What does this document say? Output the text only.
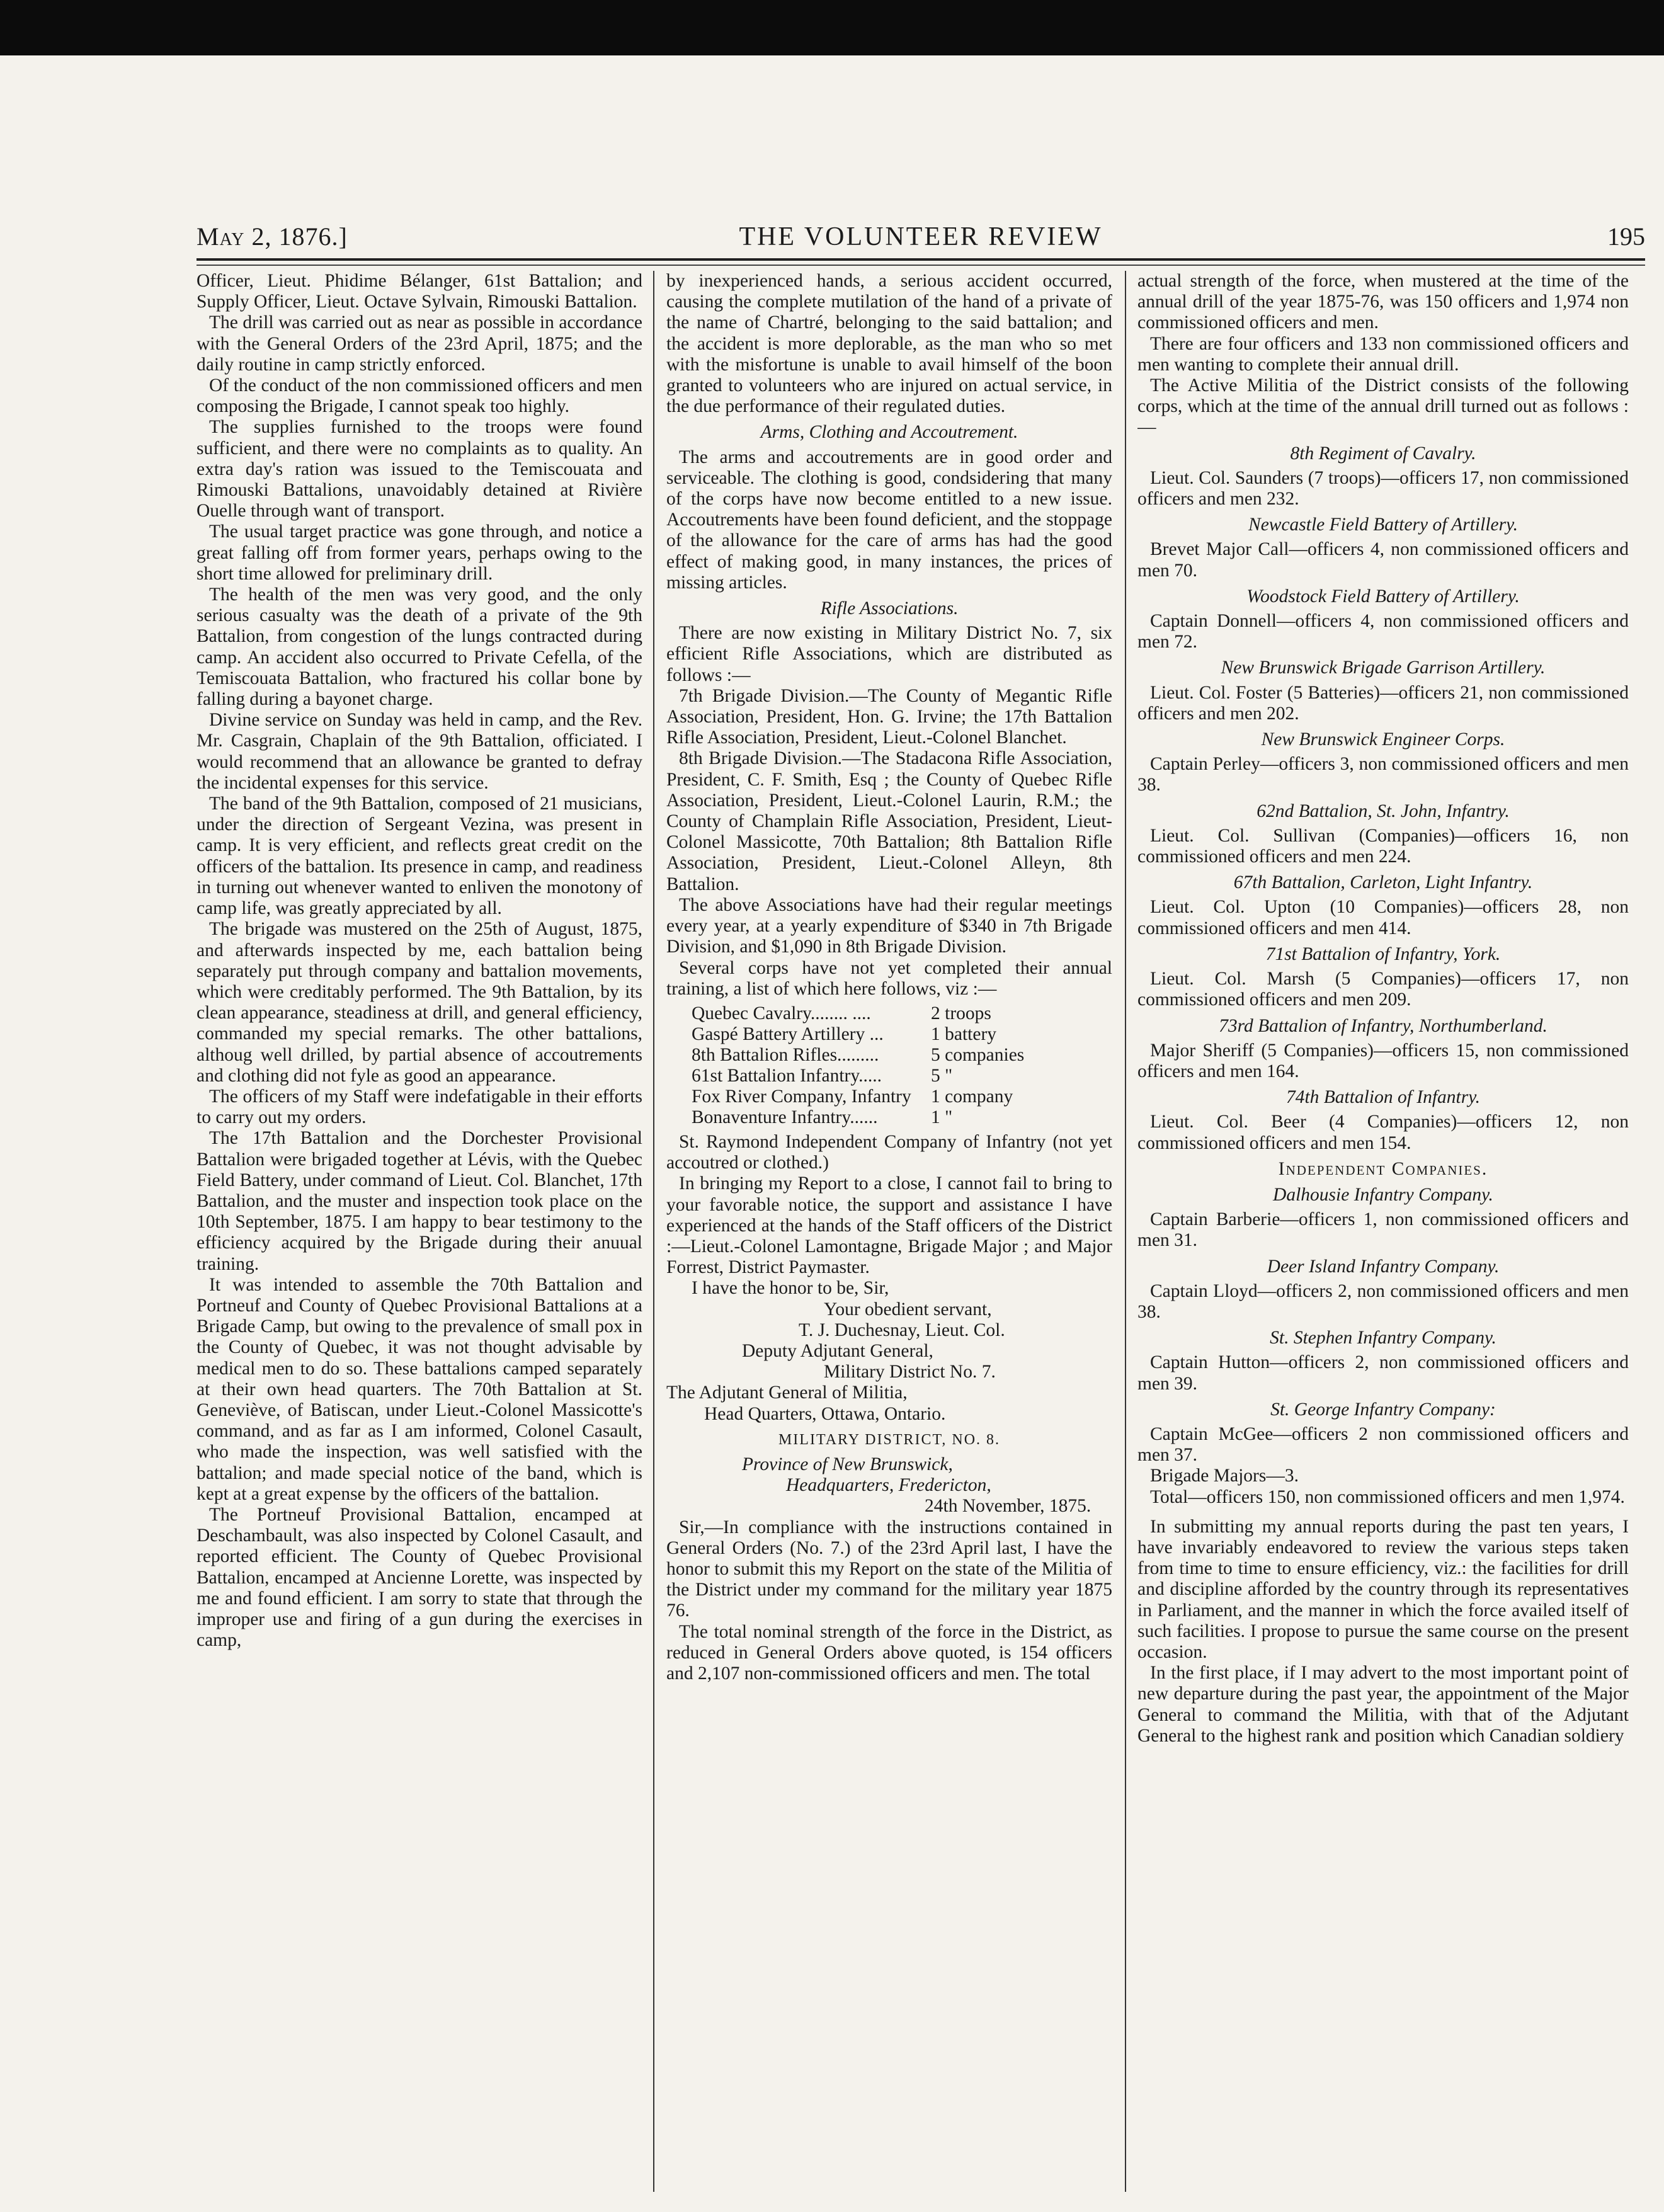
May 2, 1876.]	THE VOLUNTEER REVIEW	195

Officer, Lieut. Phidime Bélanger, 61st Battalion; and Supply Officer, Lieut. Octave Sylvain, Rimouski Battalion.

The drill was carried out as near as possible in accordance with the General Orders of the 23rd April, 1875; and the daily routine in camp strictly enforced.

Of the conduct of the non commissioned officers and men composing the Brigade, I cannot speak too highly.

The supplies furnished to the troops were found sufficient, and there were no complaints as to quality. An extra day's ration was issued to the Temiscouata and Rimouski Battalions, unavoidably detained at Rivière Ouelle through want of transport.

The usual target practice was gone through, and notice a great falling off from former years, perhaps owing to the short time allowed for preliminary drill.

The health of the men was very good, and the only serious casualty was the death of a private of the 9th Battalion, from congestion of the lungs contracted during camp. An accident also occurred to Private Cefella, of the Temiscouata Battalion, who fractured his collar bone by falling during a bayonet charge.

Divine service on Sunday was held in camp, and the Rev. Mr. Casgrain, Chaplain of the 9th Battalion, officiated. I would recommend that an allowance be granted to defray the incidental expenses for this service.

The band of the 9th Battalion, composed of 21 musicians, under the direction of Sergeant Vezina, was present in camp. It is very efficient, and reflects great credit on the officers of the battalion. Its presence in camp, and readiness in turning out whenever wanted to enliven the monotony of camp life, was greatly appreciated by all.

The brigade was mustered on the 25th of August, 1875, and afterwards inspected by me, each battalion being separately put through company and battalion movements, which were creditably performed. The 9th Battalion, by its clean appearance, steadiness at drill, and general efficiency, commanded my special remarks. The other battalions, althoug well drilled, by partial absence of accoutrements and clothing did not fyle as good an appearance.

The officers of my Staff were indefatigable in their efforts to carry out my orders.

The 17th Battalion and the Dorchester Provisional Battalion were brigaded together at Lévis, with the Quebec Field Battery, under command of Lieut. Col. Blanchet, 17th Battalion, and the muster and inspection took place on the 10th September, 1875. I am happy to bear testimony to the efficiency acquired by the Brigade during their anuual training.

It was intended to assemble the 70th Battalion and Portneuf and County of Quebec Provisional Battalions at a Brigade Camp, but owing to the prevalence of small pox in the County of Quebec, it was not thought advisable by medical men to do so. These battalions camped separately at their own head quarters. The 70th Battalion at St. Geneviève, of Batiscan, under Lieut.-Colonel Massicotte's command, and as far as I am informed, Colonel Casault, who made the inspection, was well satisfied with the battalion; and made special notice of the band, which is kept at a great expense by the officers of the battalion.

The Portneuf Provisional Battalion, encamped at Deschambault, was also inspected by Colonel Casault, and reported efficient. The County of Quebec Provisional Battalion, encamped at Ancienne Lorette, was inspected by me and found efficient. I am sorry to state that through the improper use and firing of a gun during the exercises in camp,

by inexperienced hands, a serious accident occurred, causing the complete mutilation of the hand of a private of the name of Chartré, belonging to the said battalion; and the accident is more deplorable, as the man who so met with the misfortune is unable to avail himself of the boon granted to volunteers who are injured on actual service, in the due performance of their regulated duties.

Arms, Clothing and Accoutrement.

The arms and accoutrements are in good order and serviceable. The clothing is good, condsidering that many of the corps have now become entitled to a new issue. Accoutrements have been found deficient, and the stoppage of the allowance for the care of arms has had the good effect of making good, in many instances, the prices of missing articles.

Rifle Associations.

There are now existing in Military District No. 7, six efficient Rifle Associations, which are distributed as follows :—

7th Brigade Division.—The County of Megantic Rifle Association, President, Hon. G. Irvine; the 17th Battalion Rifle Association, President, Lieut.-Colonel Blanchet.

8th Brigade Division.—The Stadacona Rifle Association, President, C. F. Smith, Esq ; the County of Quebec Rifle Association, President, Lieut.-Colonel Laurin, R.M.; the County of Champlain Rifle Association, President, Lieut-Colonel Massicotte, 70th Battalion; 8th Battalion Rifle Association, President, Lieut.-Colonel Alleyn, 8th Battalion.

The above Associations have had their regular meetings every year, at a yearly expenditure of $340 in 7th Brigade Division, and $1,090 in 8th Brigade Division.

Several corps have not yet completed their annual training, a list of which here follows, viz :—

Quebec Cavalry........ ....	2 troops
Gaspé Battery Artillery ...	1 battery
8th Battalion Rifles.........	5 companies
61st Battalion Infantry.....	5 "
Fox River Company, Infantry	1 company
Bonaventure Infantry......	1 "

St. Raymond Independent Company of Infantry (not yet accoutred or clothed.)

In bringing my Report to a close, I cannot fail to bring to your favorable notice, the support and assistance I have experienced at the hands of the Staff officers of the District :—Lieut.-Colonel Lamontagne, Brigade Major ; and Major Forrest, District Paymaster.

I have the honor to be, Sir,

Your obedient servant,

T. J. Duchesnay, Lieut. Col.

Deputy Adjutant General,

Military District No. 7.

The Adjutant General of Militia,

Head Quarters, Ottawa, Ontario.

MILITARY DISTRICT, NO. 8.

Province of New Brunswick,

Headquarters, Fredericton,

24th November, 1875.

Sir,—In compliance with the instructions contained in General Orders (No. 7.) of the 23rd April last, I have the honor to submit this my Report on the state of the Militia of the District under my command for the military year 1875 76.

The total nominal strength of the force in the District, as reduced in General Orders above quoted, is 154 officers and 2,107 non-commissioned officers and men. The total

actual strength of the force, when mustered at the time of the annual drill of the year 1875-76, was 150 officers and 1,974 non commissioned officers and men.

There are four officers and 133 non commissioned officers and men wanting to complete their annual drill.

The Active Militia of the District consists of the following corps, which at the time of the annual drill turned out as follows :—

8th Regiment of Cavalry.

Lieut. Col. Saunders (7 troops)—officers 17, non commissioned officers and men 232.

Newcastle Field Battery of Artillery.

Brevet Major Call—officers 4, non commissioned officers and men 70.

Woodstock Field Battery of Artillery.

Captain Donnell—officers 4, non commissioned officers and men 72.

New Brunswick Brigade Garrison Artillery.

Lieut. Col. Foster (5 Batteries)—officers 21, non commissioned officers and men 202.

New Brunswick Engineer Corps.

Captain Perley—officers 3, non commissioned officers and men 38.

62nd Battalion, St. John, Infantry.

Lieut. Col. Sullivan (Companies)—officers 16, non commissioned officers and men 224.

67th Battalion, Carleton, Light Infantry.

Lieut. Col. Upton (10 Companies)—officers 28, non commissioned officers and men 414.

71st Battalion of Infantry, York.

Lieut. Col. Marsh (5 Companies)—officers 17, non commissioned officers and men 209.

73rd Battalion of Infantry, Northumberland.

Major Sheriff (5 Companies)—officers 15, non commissioned officers and men 164.

74th Battalion of Infantry.

Lieut. Col. Beer (4 Companies)—officers 12, non commissioned officers and men 154.

Independent Companies.

Dalhousie Infantry Company.

Captain Barberie—officers 1, non commissioned officers and men 31.

Deer Island Infantry Company.

Captain Lloyd—officers 2, non commissioned officers and men 38.

St. Stephen Infantry Company.

Captain Hutton—officers 2, non commissioned officers and men 39.

St. George Infantry Company:

Captain McGee—officers 2 non commissioned officers and men 37.

Brigade Majors—3.

Total—officers 150, non commissioned officers and men 1,974.

In submitting my annual reports during the past ten years, I have invariably endeavored to review the various steps taken from time to time to ensure efficiency, viz.: the facilities for drill and discipline afforded by the country through its representatives in Parliament, and the manner in which the force availed itself of such facilities. I propose to pursue the same course on the present occasion.

In the first place, if I may advert to the most important point of new departure during the past year, the appointment of the Major General to command the Militia, with that of the Adjutant General to the highest rank and position which Canadian soldiery
